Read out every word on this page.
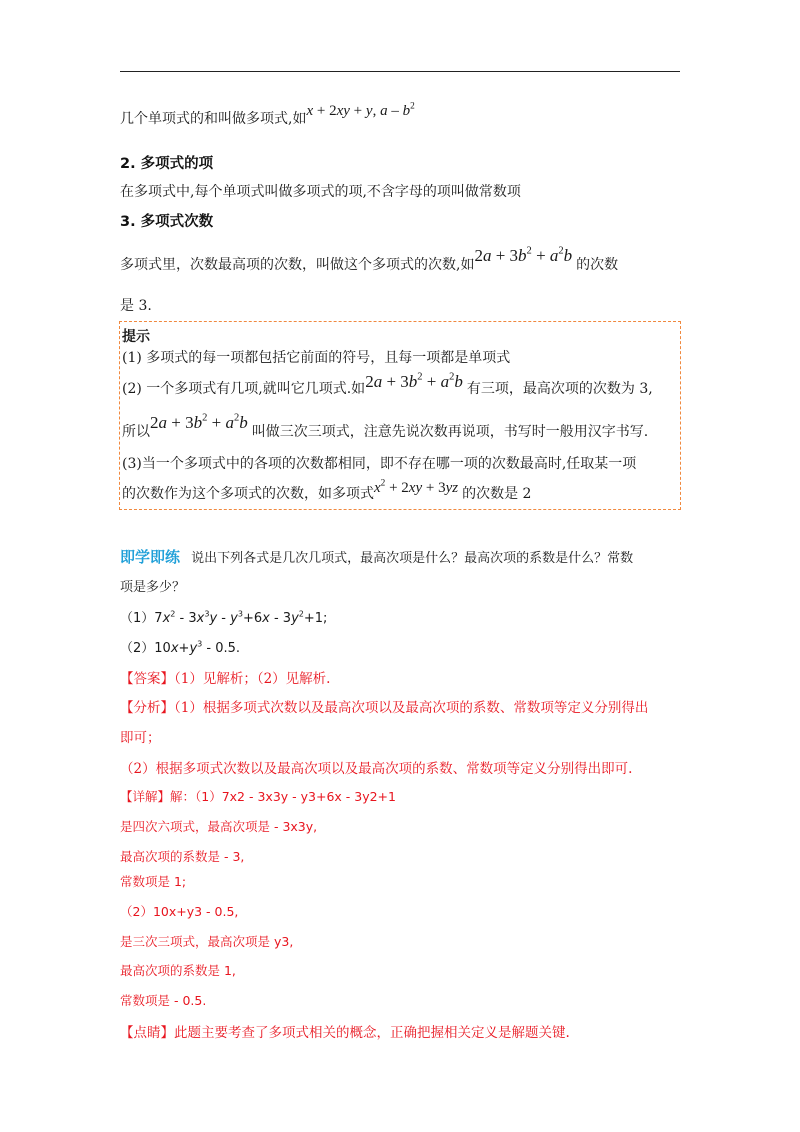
几个单项式的和叫做多项式,如x + 2xy + y, a – $b^2$
2. 多项式的项
在多项式中,每个单项式叫做多项式的项,不含字母的项叫做常数项
3. 多项式次数
多项式里，次数最高项的次数，叫做这个多项式的次数,如$2a + 3b^2 + a^2b$ 的次数
是 3.
提示
(1) 多项式的每一项都包括它前面的符号，且每一项都是单项式
(2) 一个多项式有几项,就叫它几项式.如$2a + 3b^2 + a^2b$ 有三项，最高次项的次数为 3,
所以$2a + 3b^2 + a^2b$ 叫做三次三项式，注意先说次数再说项，书写时一般用汉字书写.
(3)当一个多项式中的各项的次数都相同，即不存在哪一项的次数最高时,任取某一项
的次数作为这个多项式的次数，如多项式$x^2 + 2xy + 3yz$ 的次数是 2
即学即练 说出下列各式是几次几项式，最高次项是什么？最高次项的系数是什么？常数
项是多少？
$(1)7x^2 - 3x^3y - y^3+6x - 3y^2+1$;
$(2)10x+y^3 - 0.5$.
【答案】（1）见解析；（2）见解析.
【分析】（1）根据多项式次数以及最高次项以及最高次项的系数、常数项等定义分别得出
即可；
（2）根据多项式次数以及最高次项以及最高次项的系数、常数项等定义分别得出即可.
【详解】解：（1）7x2 - 3x3y - y3+6x - 3y2+1
是四次六项式，最高次项是 - 3x3y,
最高次项的系数是 - 3,
常数项是 1;
（2）10x+y3 - 0.5,
是三次三项式，最高次项是 y3,
最高次项的系数是 1,
常数项是 - 0.5.
【点睛】此题主要考查了多项式相关的概念，正确把握相关定义是解题关键.
